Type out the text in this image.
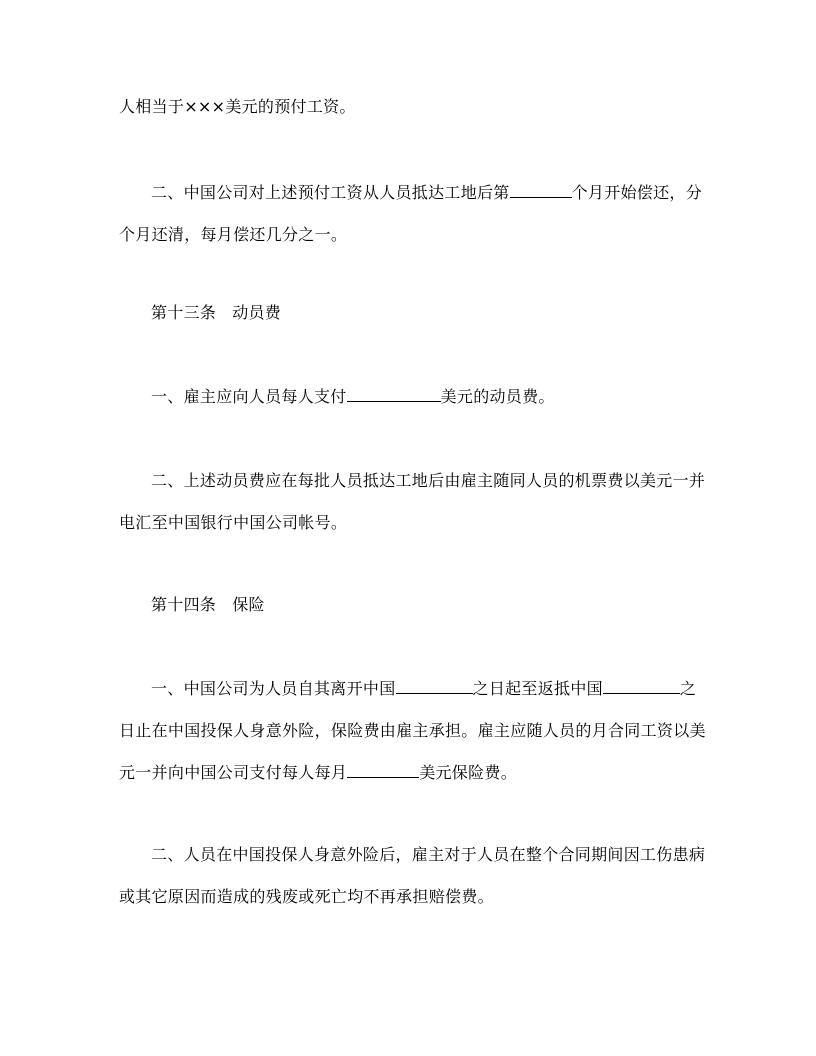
人相当于×××美元的预付工资。
二、中国公司对上述预付工资从人员抵达工地后第	个月开始偿还，分
个月还清，每月偿还几分之一。
第十三条 动员费
一、雇主应向人员每人支付	美元的动员费。
二、上述动员费应在每批人员抵达工地后由雇主随同人员的机票费以美元一并
电汇至中国银行中国公司帐号。
第十四条 保险
一、中国公司为人员自其离开中国	之日起至返抵中国	之
日止在中国投保人身意外险，保险费由雇主承担。雇主应随人员的月合同工资以美
元一并向中国公司支付每人每月	美元保险费。
二、人员在中国投保人身意外险后，雇主对于人员在整个合同期间因工伤患病
或其它原因而造成的残废或死亡均不再承担赔偿费。
